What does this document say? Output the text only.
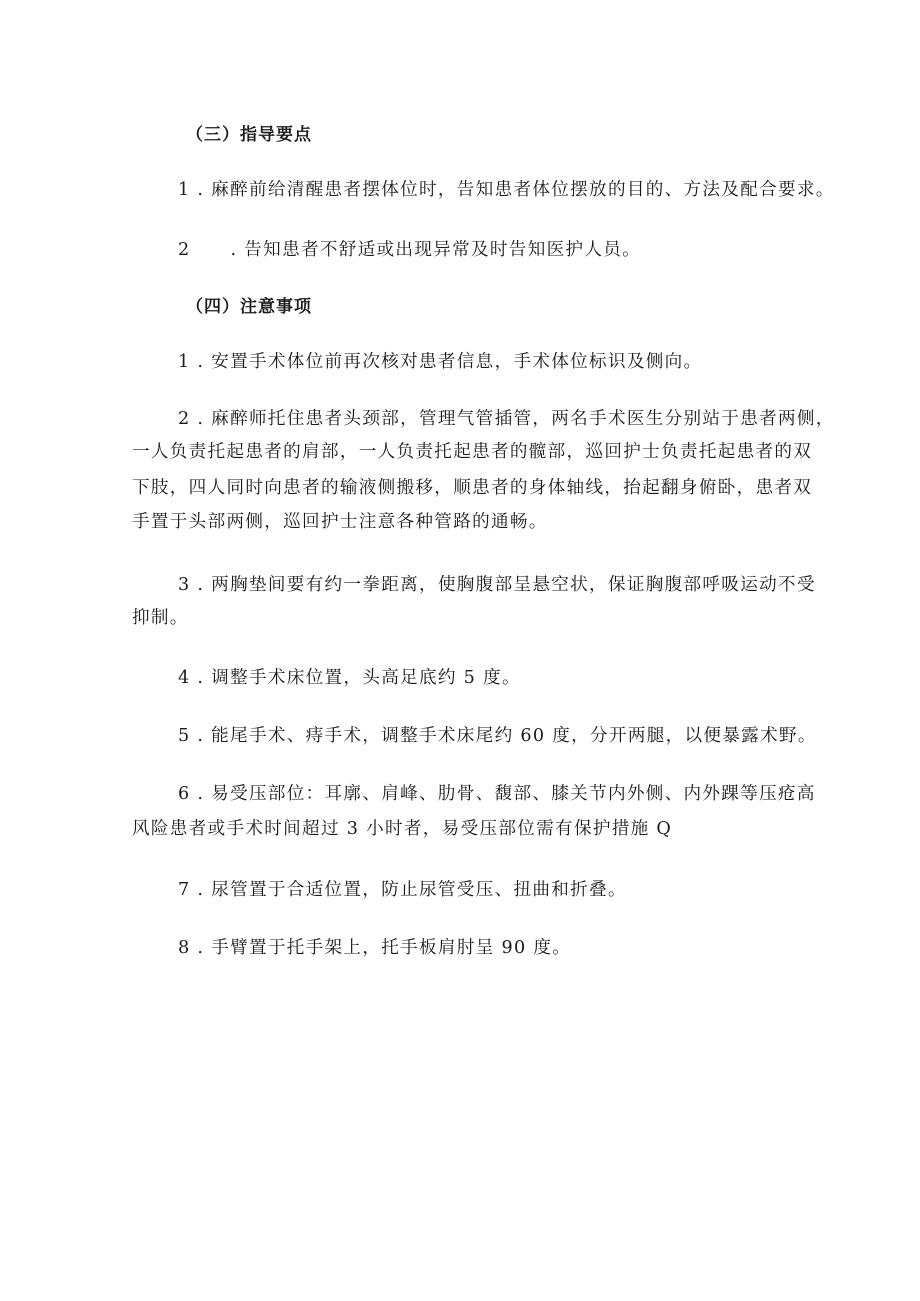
（三）指导要点
1 . 麻醉前给清醒患者摆体位时，告知患者体位摆放的目的、方法及配合要求。
2 . 告知患者不舒适或出现异常及时告知医护人员。
（四）注意事项
1 . 安置手术体位前再次核对患者信息，手术体位标识及侧向。
2 . 麻醉师托住患者头颈部，管理气管插管，两名手术医生分别站于患者两侧，
一人负责托起患者的肩部，一人负责托起患者的髋部，巡回护士负责托起患者的双
下肢，四人同时向患者的输液侧搬移，顺患者的身体轴线，抬起翻身俯卧，患者双
手置于头部两侧，巡回护士注意各种管路的通畅。
3 . 两胸垫间要有约一拳距离，使胸腹部呈悬空状，保证胸腹部呼吸运动不受
抑制。
4 . 调整手术床位置，头高足底约 5 度。
5 . 能尾手术、痔手术，调整手术床尾约 60 度，分开两腿，以便暴露术野。
6 . 易受压部位：耳廓、肩峰、肋骨、馥部、膝关节内外侧、内外踝等压疮高
风险患者或手术时间超过 3 小时者，易受压部位需有保护措施 Q
7 . 尿管置于合适位置，防止尿管受压、扭曲和折叠。
8 . 手臂置于托手架上，托手板肩肘呈 90 度。
